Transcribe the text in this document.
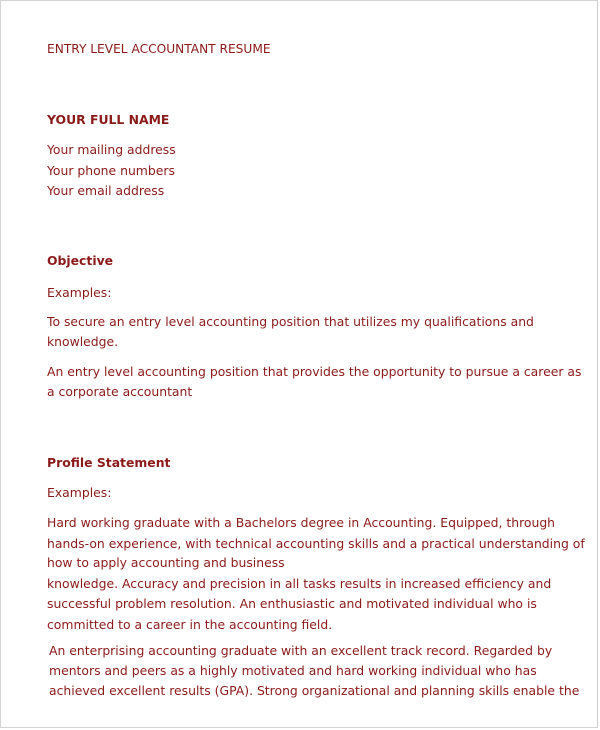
ENTRY LEVEL ACCOUNTANT RESUME
YOUR FULL NAME
Your mailing address
Your phone numbers
Your email address
Objective
Examples:
To secure an entry level accounting position that utilizes my qualifications and
knowledge.
An entry level accounting position that provides the opportunity to pursue a career as
a corporate accountant
Profile Statement
Examples:
Hard working graduate with a Bachelors degree in Accounting. Equipped, through
hands-on experience, with technical accounting skills and a practical understanding of
how to apply accounting and business
knowledge. Accuracy and precision in all tasks results in increased efficiency and
successful problem resolution. An enthusiastic and motivated individual who is
committed to a career in the accounting field.
An enterprising accounting graduate with an excellent track record. Regarded by
mentors and peers as a highly motivated and hard working individual who has
achieved excellent results (GPA). Strong organizational and planning skills enable the
